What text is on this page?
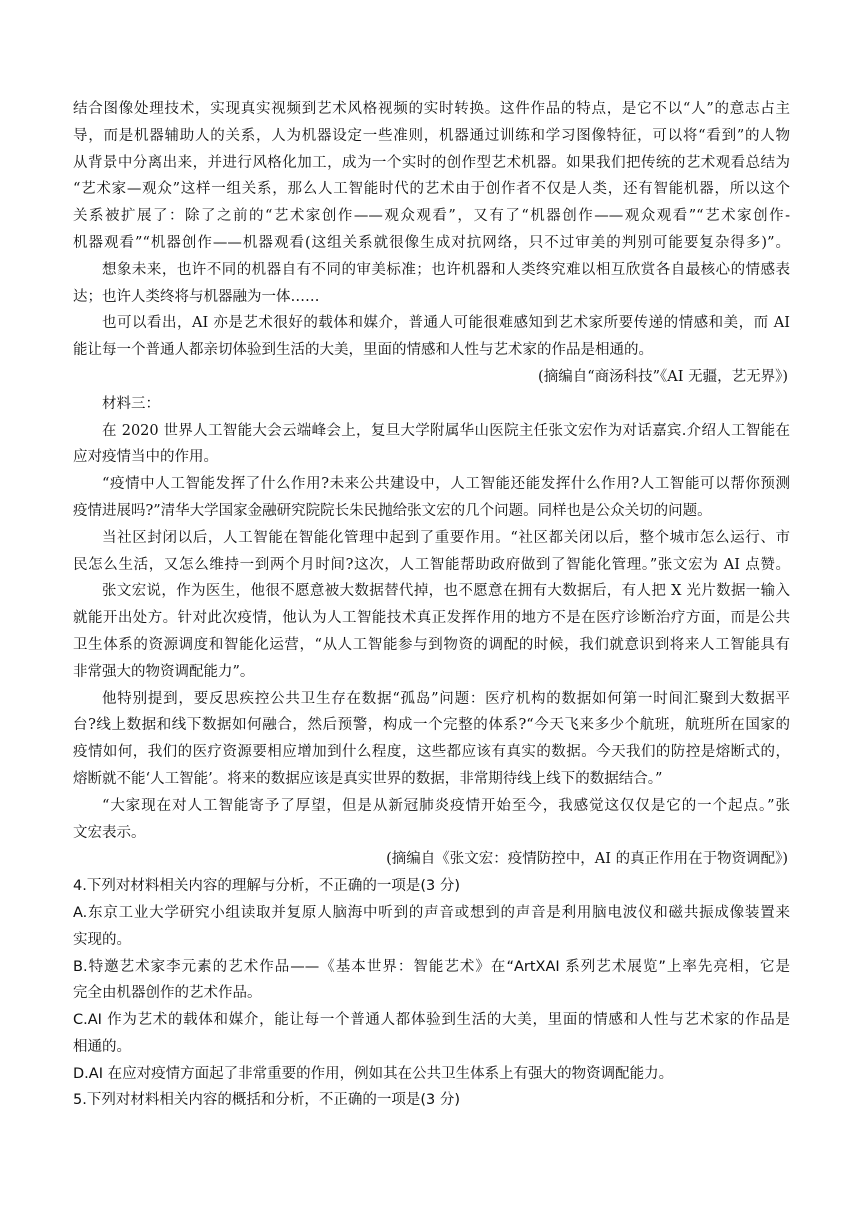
结合图像处理技术，实现真实视频到艺术风格视频的实时转换。这件作品的特点，是它不以“人”的意志占主
导，而是机器辅助人的关系，人为机器设定一些准则，机器通过训练和学习图像特征，可以将“看到”的人物
从背景中分离出来，并进行风格化加工，成为一个实时的创作型艺术机器。如果我们把传统的艺术观看总结为
“艺术家—观众”这样一组关系，那么人工智能时代的艺术由于创作者不仅是人类，还有智能机器，所以这个
关系被扩展了：除了之前的“艺术家创作——观众观看”，又有了“机器创作——观众观看”“艺术家创作-
机器观看”“机器创作——机器观看(这组关系就很像生成对抗网络，只不过审美的判别可能要复杂得多)”。
想象未来，也许不同的机器自有不同的审美标准；也许机器和人类终究难以相互欣赏各自最核心的情感表
达；也许人类终将与机器融为一体……
也可以看出，AI 亦是艺术很好的载体和媒介，普通人可能很难感知到艺术家所要传递的情感和美，而 AI
能让每一个普通人都亲切体验到生活的大美，里面的情感和人性与艺术家的作品是相通的。
(摘编自“商汤科技”《AI 无疆，艺无界》)
材料三：
在 2020 世界人工智能大会云端峰会上，复旦大学附属华山医院主任张文宏作为对话嘉宾.介绍人工智能在
应对疫情当中的作用。
“疫情中人工智能发挥了什么作用?未来公共建设中，人工智能还能发挥什么作用?人工智能可以帮你预测
疫情进展吗?”清华大学国家金融研究院院长朱民抛给张文宏的几个问题。同样也是公众关切的问题。
当社区封闭以后，人工智能在智能化管理中起到了重要作用。“社区都关闭以后，整个城市怎么运行、市
民怎么生活，又怎么维持一到两个月时间?这次，人工智能帮助政府做到了智能化管理。”张文宏为 AI 点赞。
张文宏说，作为医生，他很不愿意被大数据替代掉，也不愿意在拥有大数据后，有人把 X 光片数据一输入
就能开出处方。针对此次疫情，他认为人工智能技术真正发挥作用的地方不是在医疗诊断治疗方面，而是公共
卫生体系的资源调度和智能化运营，“从人工智能参与到物资的调配的时候，我们就意识到将来人工智能具有
非常强大的物资调配能力”。
他特别提到，要反思疾控公共卫生存在数据“孤岛”问题：医疗机构的数据如何第一时间汇聚到大数据平
台?线上数据和线下数据如何融合，然后预警，构成一个完整的体系?“今天飞来多少个航班，航班所在国家的
疫情如何，我们的医疗资源要相应增加到什么程度，这些都应该有真实的数据。今天我们的防控是熔断式的，
熔断就不能‘人工智能’。将来的数据应该是真实世界的数据，非常期待线上线下的数据结合。”
“大家现在对人工智能寄予了厚望，但是从新冠肺炎疫情开始至今，我感觉这仅仅是它的一个起点。”张
文宏表示。
(摘编自《张文宏：疫情防控中，AI 的真正作用在于物资调配》)
4.下列对材料相关内容的理解与分析，不正确的一项是(3 分)
A.东京工业大学研究小组读取并复原人脑海中听到的声音或想到的声音是利用脑电波仪和磁共振成像装置来
实现的。
B.特邀艺术家李元素的艺术作品——《基本世界：智能艺术》在“ArtXAI 系列艺术展览”上率先亮相，它是
完全由机器创作的艺术作品。
C.AI 作为艺术的载体和媒介，能让每一个普通人都体验到生活的大美，里面的情感和人性与艺术家的作品是
相通的。
D.AI 在应对疫情方面起了非常重要的作用，例如其在公共卫生体系上有强大的物资调配能力。
5.下列对材料相关内容的概括和分析，不正确的一项是(3 分)
